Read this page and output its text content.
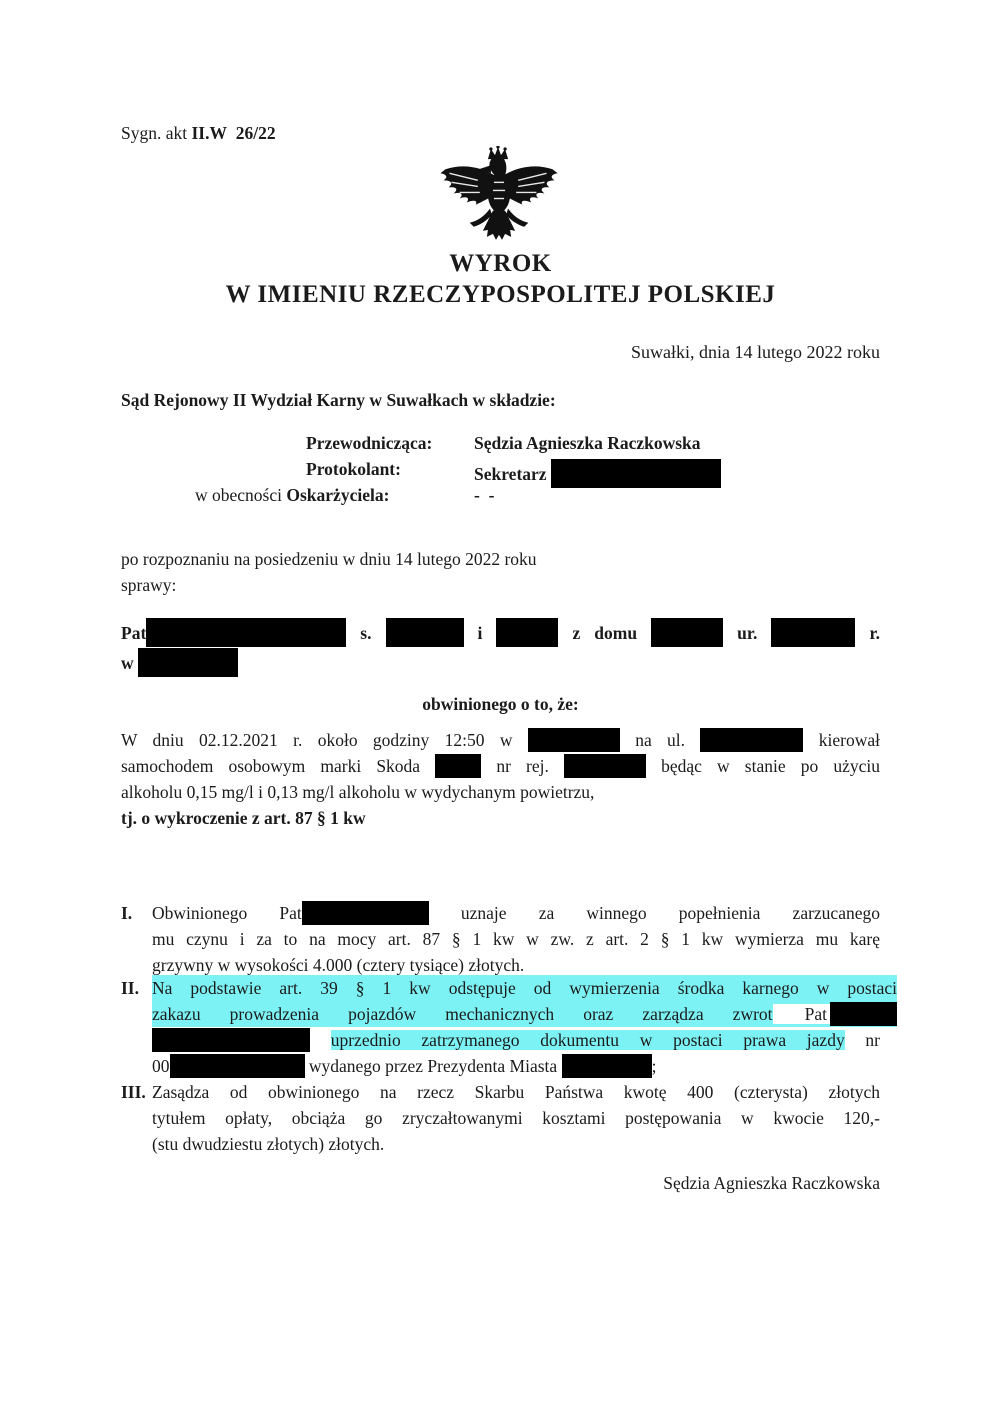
Sygn. akt II.W  26/22
WYROK
W IMIENIU RZECZYPOSPOLITEJ POLSKIEJ
Suwałki, dnia 14 lutego 2022 roku
Sąd Rejonowy II Wydział Karny w Suwałkach w składzie:
Przewodnicząca: Sędzia Agnieszka Raczkowska
Protokolant:	Sekretarz
w obecności Oskarżyciela:	-  -
po rozpoznaniu na posiedzeniu w dniu 14 lutego 2022 roku
sprawy:
Pat	s.	i	z domu	ur.	r.
w
obwinionego o to, że:
W dniu 02.12.2021 r. około godziny 12:50 w	na ul.	kierował
samochodem osobowym marki Skoda	nr rej.	będąc w stanie po użyciu
alkoholu 0,15 mg/l i 0,13 mg/l alkoholu w wydychanym powietrzu,
tj. o wykroczenie z art. 87 § 1 kw
I. Obwinionego Pat	uznaje za winnego popełnienia zarzucanego
mu czynu i za to na mocy art. 87 § 1 kw w zw. z art. 2 § 1 kw wymierza mu karę
grzywny w wysokości 4.000 (cztery tysiące) złotych.
II. Na podstawie art. 39 § 1 kw odstępuje od wymierzenia środka karnego w postaci
zakazu prowadzenia pojazdów mechanicznych oraz zarządza zwrot Pat
uprzednio zatrzymanego dokumentu w postaci prawa jazdy nr
00	wydanego przez Prezydenta Miasta	;
III. Zasądza od obwinionego na rzecz Skarbu Państwa kwotę 400 (czterysta) złotych
tytułem opłaty, obciąża go zryczałtowanymi kosztami postępowania w kwocie 120,-
(stu dwudziestu złotych) złotych.
Sędzia Agnieszka Raczkowska
